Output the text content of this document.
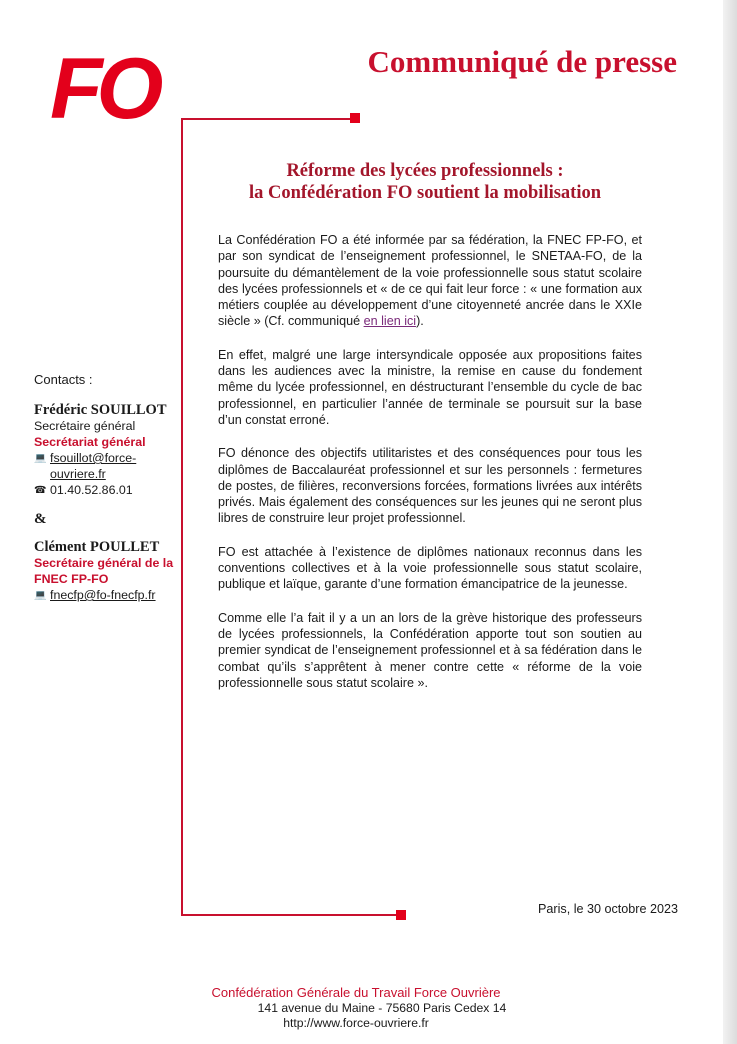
FO	Communiqué de presse
Réforme des lycées professionnels :
la Confédération FO soutient la mobilisation

La Confédération FO a été informée par sa fédération, la FNEC FP-FO, et par son syndicat de l’enseignement professionnel, le SNETAA-FO, de la poursuite du démantèlement de la voie professionnelle sous statut scolaire des lycées professionnels et « de ce qui fait leur force : « une formation aux métiers couplée au développement d’une citoyenneté ancrée dans le XXIe siècle » (Cf. communiqué en lien ici).

En effet, malgré une large intersyndicale opposée aux propositions faites dans les audiences avec la ministre, la remise en cause du fondement même du lycée professionnel, en déstructurant l’ensemble du cycle de bac professionnel, en particulier l’année de terminale se poursuit sur la base d’un constat erroné.

FO dénonce des objectifs utilitaristes et des conséquences pour tous les diplômes de Baccalauréat professionnel et sur les personnels : fermetures de postes, de filières, reconversions forcées, formations livrées aux intérêts privés. Mais également des conséquences sur les jeunes qui ne seront plus libres de construire leur projet professionnel.

FO est attachée à l’existence de diplômes nationaux reconnus dans les conventions collectives et à la voie professionnelle sous statut scolaire, publique et laïque, garante d’une formation émancipatrice de la jeunesse.

Comme elle l’a fait il y a un an lors de la grève historique des professeurs de lycées professionnels, la Confédération apporte tout son soutien au premier syndicat de l’enseignement professionnel et à sa fédération dans le combat qu’ils s’apprêtent à mener contre cette « réforme de la voie professionnelle sous statut scolaire ».

Contacts :
Frédéric SOUILLOT
Secrétaire général
Secrétariat général
💻 fsouillot@force-ouvriere.fr
☎ 01.40.52.86.01
&
Clément POULLET
Secrétaire général de la FNEC FP-FO
💻 fnecfp@fo-fnecfp.fr
Paris, le 30 octobre 2023
Confédération Générale du Travail Force Ouvrière
141 avenue du Maine - 75680 Paris Cedex 14
http://www.force-ouvriere.fr
